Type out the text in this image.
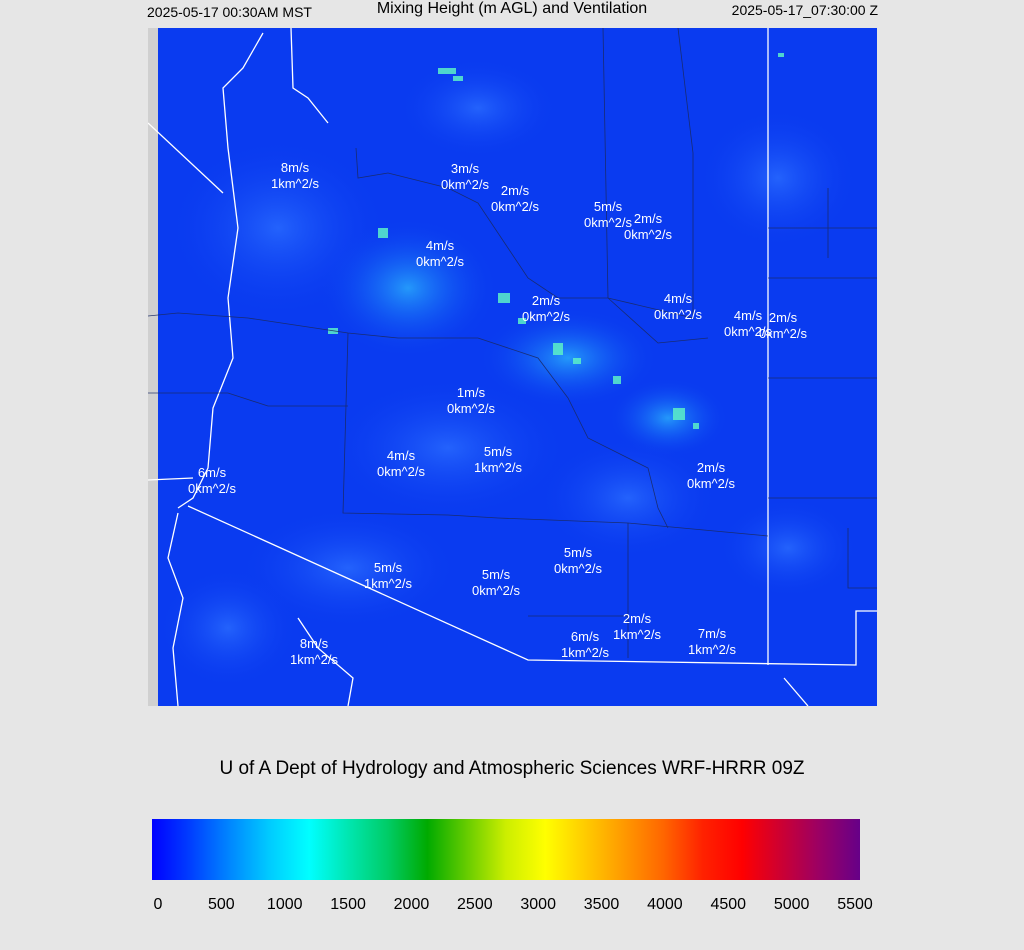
2025-05-17 00:30AM MST	Mixing Height (m AGL) and Ventilation	2025-05-17_07:30:00 Z
8m/s
1km^2/s
3m/s
0km^2/s 2m/s
0km^2/s	5m/s
0km^2/s 2m/s
0km^2/s
4m/s
0km^2/s
2m/s
0km^2/s
4m/s
0km^2/s	4m/s
0km^2/s
2m/s
0km^2/s
1m/s
0km^2/s
4m/s
0km^2/s
5m/s
1km^2/s	2m/s
0km^2/s
6m/s
0km^2/s
5m/s
1km^2/s
5m/s
0km^2/s
5m/s
0km^2/s
2m/s
1km^2/s
6m/s
1km^2/s
7m/s
1km^2/s
8m/s
1km^2/s
U of A Dept of Hydrology and Atmospheric Sciences WRF-HRRR 09Z
0	500 1000 1500 2000 2500 3000 3500 4000 4500 5000 5500
